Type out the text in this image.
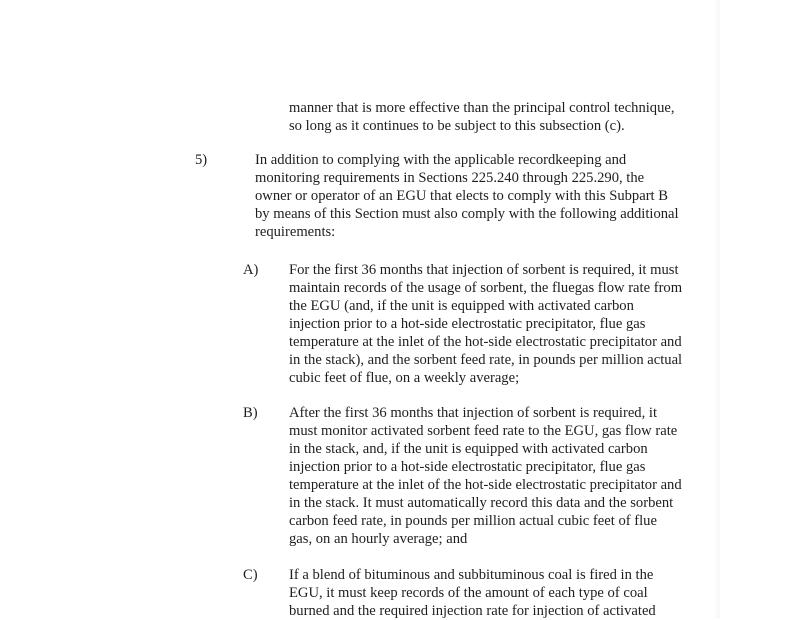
manner that is more effective than the principal control technique,
so long as it continues to be subject to this subsection (c).
5)	In addition to complying with the applicable recordkeeping and
monitoring requirements in Sections 225.240 through 225.290, the
owner or operator of an EGU that elects to comply with this Subpart B
by means of this Section must also comply with the following additional
requirements:
A) For the first 36 months that injection of sorbent is required, it must
maintain records of the usage of sorbent, the fluegas flow rate from
the EGU (and, if the unit is equipped with activated carbon
injection prior to a hot-side electrostatic precipitator, flue gas
temperature at the inlet of the hot-side electrostatic precipitator and
in the stack), and the sorbent feed rate, in pounds per million actual
cubic feet of flue, on a weekly average;
B) After the first 36 months that injection of sorbent is required, it
must monitor activated sorbent feed rate to the EGU, gas flow rate
in the stack, and, if the unit is equipped with activated carbon
injection prior to a hot-side electrostatic precipitator, flue gas
temperature at the inlet of the hot-side electrostatic precipitator and
in the stack. It must automatically record this data and the sorbent
carbon feed rate, in pounds per million actual cubic feet of flue
gas, on an hourly average; and
C) If a blend of bituminous and subbituminous coal is fired in the
EGU, it must keep records of the amount of each type of coal
burned and the required injection rate for injection of activated
